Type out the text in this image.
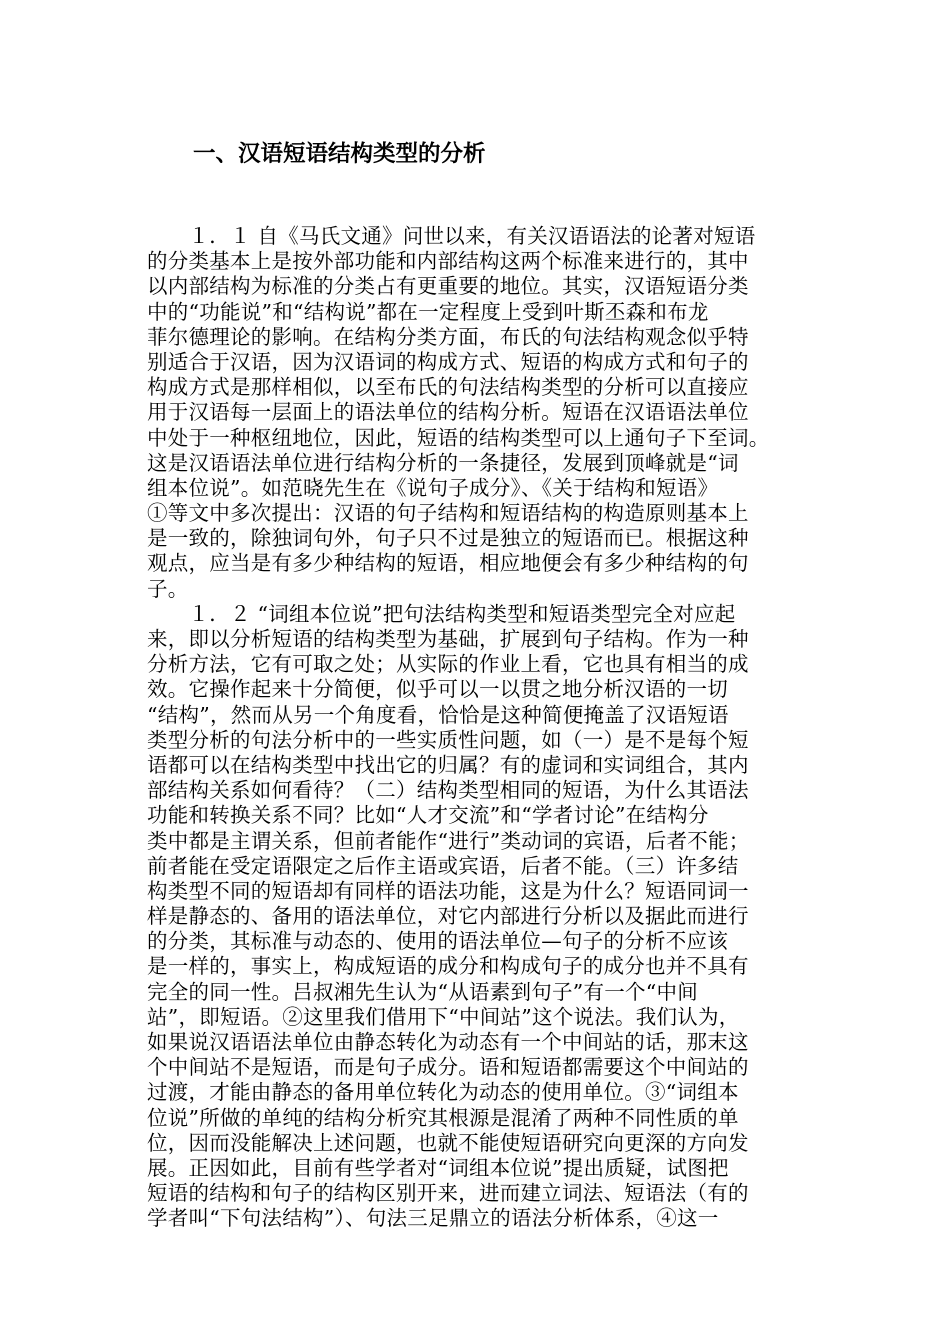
一、汉语短语结构类型的分析
　　１．１ 自《马氏文通》问世以来，有关汉语语法的论著对短语
的分类基本上是按外部功能和内部结构这两个标准来进行的，其中
以内部结构为标准的分类占有更重要的地位。其实，汉语短语分类
中的“功能说”和“结构说”都在一定程度上受到叶斯丕森和布龙
菲尔德理论的影响。在结构分类方面，布氏的句法结构观念似乎特
别适合于汉语，因为汉语词的构成方式、短语的构成方式和句子的
构成方式是那样相似，以至布氏的句法结构类型的分析可以直接应
用于汉语每一层面上的语法单位的结构分析。短语在汉语语法单位
中处于一种枢纽地位，因此，短语的结构类型可以上通句子下至词。
这是汉语语法单位进行结构分析的一条捷径，发展到顶峰就是“词
组本位说”。如范晓先生在《说句子成分》、《关于结构和短语》
①等文中多次提出：汉语的句子结构和短语结构的构造原则基本上
是一致的，除独词句外，句子只不过是独立的短语而已。根据这种
观点，应当是有多少种结构的短语，相应地便会有多少种结构的句
子。
　　１．２ “词组本位说”把句法结构类型和短语类型完全对应起
来，即以分析短语的结构类型为基础，扩展到句子结构。作为一种
分析方法，它有可取之处；从实际的作业上看，它也具有相当的成
效。它操作起来十分简便，似乎可以一以贯之地分析汉语的一切
“结构”，然而从另一个角度看，恰恰是这种简便掩盖了汉语短语
类型分析的句法分析中的一些实质性问题，如（一）是不是每个短
语都可以在结构类型中找出它的归属？有的虚词和实词组合，其内
部结构关系如何看待？（二）结构类型相同的短语，为什么其语法
功能和转换关系不同？比如“人才交流”和“学者讨论”在结构分
类中都是主谓关系，但前者能作“进行”类动词的宾语，后者不能；
前者能在受定语限定之后作主语或宾语，后者不能。（三）许多结
构类型不同的短语却有同样的语法功能，这是为什么？短语同词一
样是静态的、备用的语法单位，对它内部进行分析以及据此而进行
的分类，其标准与动态的、使用的语法单位—句子的分析不应该
是一样的，事实上，构成短语的成分和构成句子的成分也并不具有
完全的同一性。吕叔湘先生认为“从语素到句子”有一个“中间
站”，即短语。②这里我们借用下“中间站”这个说法。我们认为，
如果说汉语语法单位由静态转化为动态有一个中间站的话，那末这
个中间站不是短语，而是句子成分。语和短语都需要这个中间站的
过渡，才能由静态的备用单位转化为动态的使用单位。③“词组本
位说”所做的单纯的结构分析究其根源是混淆了两种不同性质的单
位，因而没能解决上述问题，也就不能使短语研究向更深的方向发
展。正因如此，目前有些学者对“词组本位说”提出质疑，试图把
短语的结构和句子的结构区别开来，进而建立词法、短语法（有的
学者叫“下句法结构”）、句法三足鼎立的语法分析体系，④这一
